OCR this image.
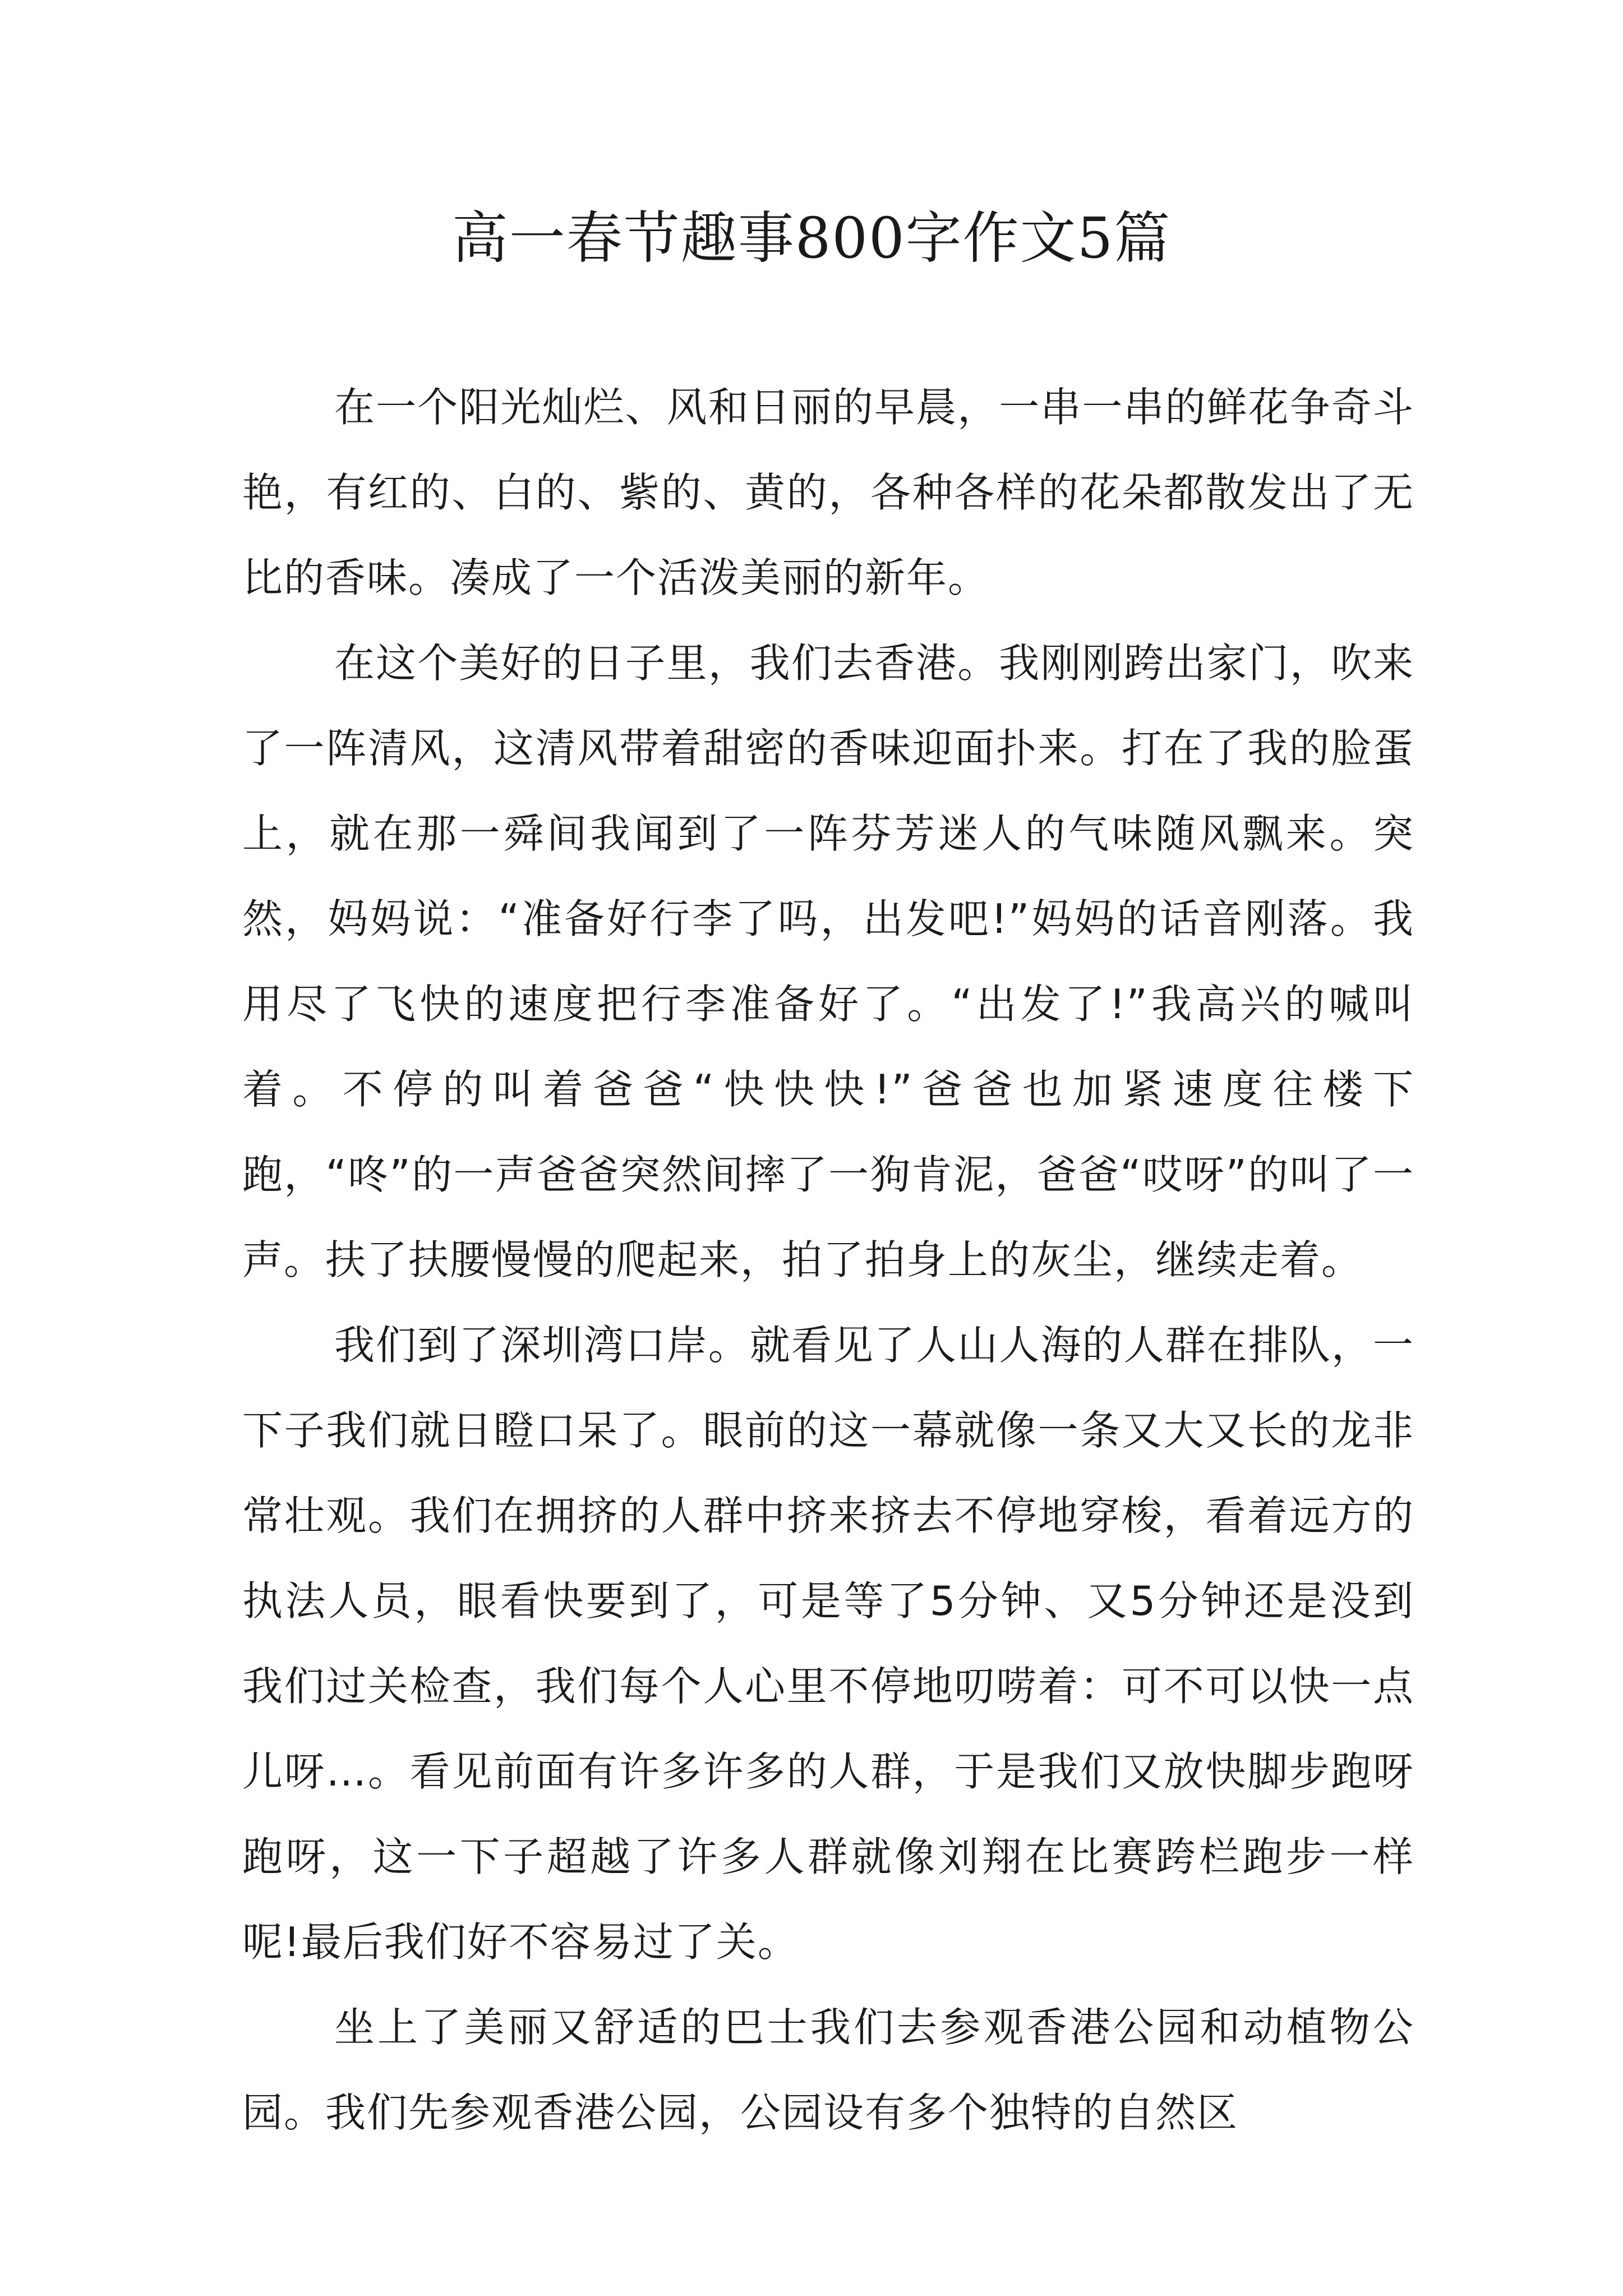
高一春节趣事800字作文5篇

在一个阳光灿烂、风和日丽的早晨，一串一串的鲜花争奇斗艳，有红的、白的、紫的、黄的，各种各样的花朵都散发出了无比的香味。凑成了一个活泼美丽的新年。

在这个美好的日子里，我们去香港。我刚刚跨出家门，吹来了一阵清风，这清风带着甜密的香味迎面扑来。打在了我的脸蛋上，就在那一舜间我闻到了一阵芬芳迷人的气味随风飘来。突然，妈妈说：“准备好行李了吗，出发吧!”妈妈的话音刚落。我用尽了飞快的速度把行李准备好了。“出发了!”我高兴的喊叫着。不停的叫着爸爸“快快快!”爸爸也加紧速度往楼下跑，“咚”的一声爸爸突然间摔了一狗肯泥，爸爸“哎呀”的叫了一声。扶了扶腰慢慢的爬起来，拍了拍身上的灰尘，继续走着。

我们到了深圳湾口岸。就看见了人山人海的人群在排队，一下子我们就日瞪口呆了。眼前的这一幕就像一条又大又长的龙非常壮观。我们在拥挤的人群中挤来挤去不停地穿梭，看着远方的执法人员，眼看快要到了，可是等了5分钟、又5分钟还是没到我们过关检查，我们每个人心里不停地叨唠着：可不可以快一点儿呀…。看见前面有许多许多的人群，于是我们又放快脚步跑呀跑呀，这一下子超越了许多人群就像刘翔在比赛跨栏跑步一样呢!最后我们好不容易过了关。

坐上了美丽又舒适的巴士我们去参观香港公园和动植物公园。我们先参观香港公园，公园设有多个独特的自然区
